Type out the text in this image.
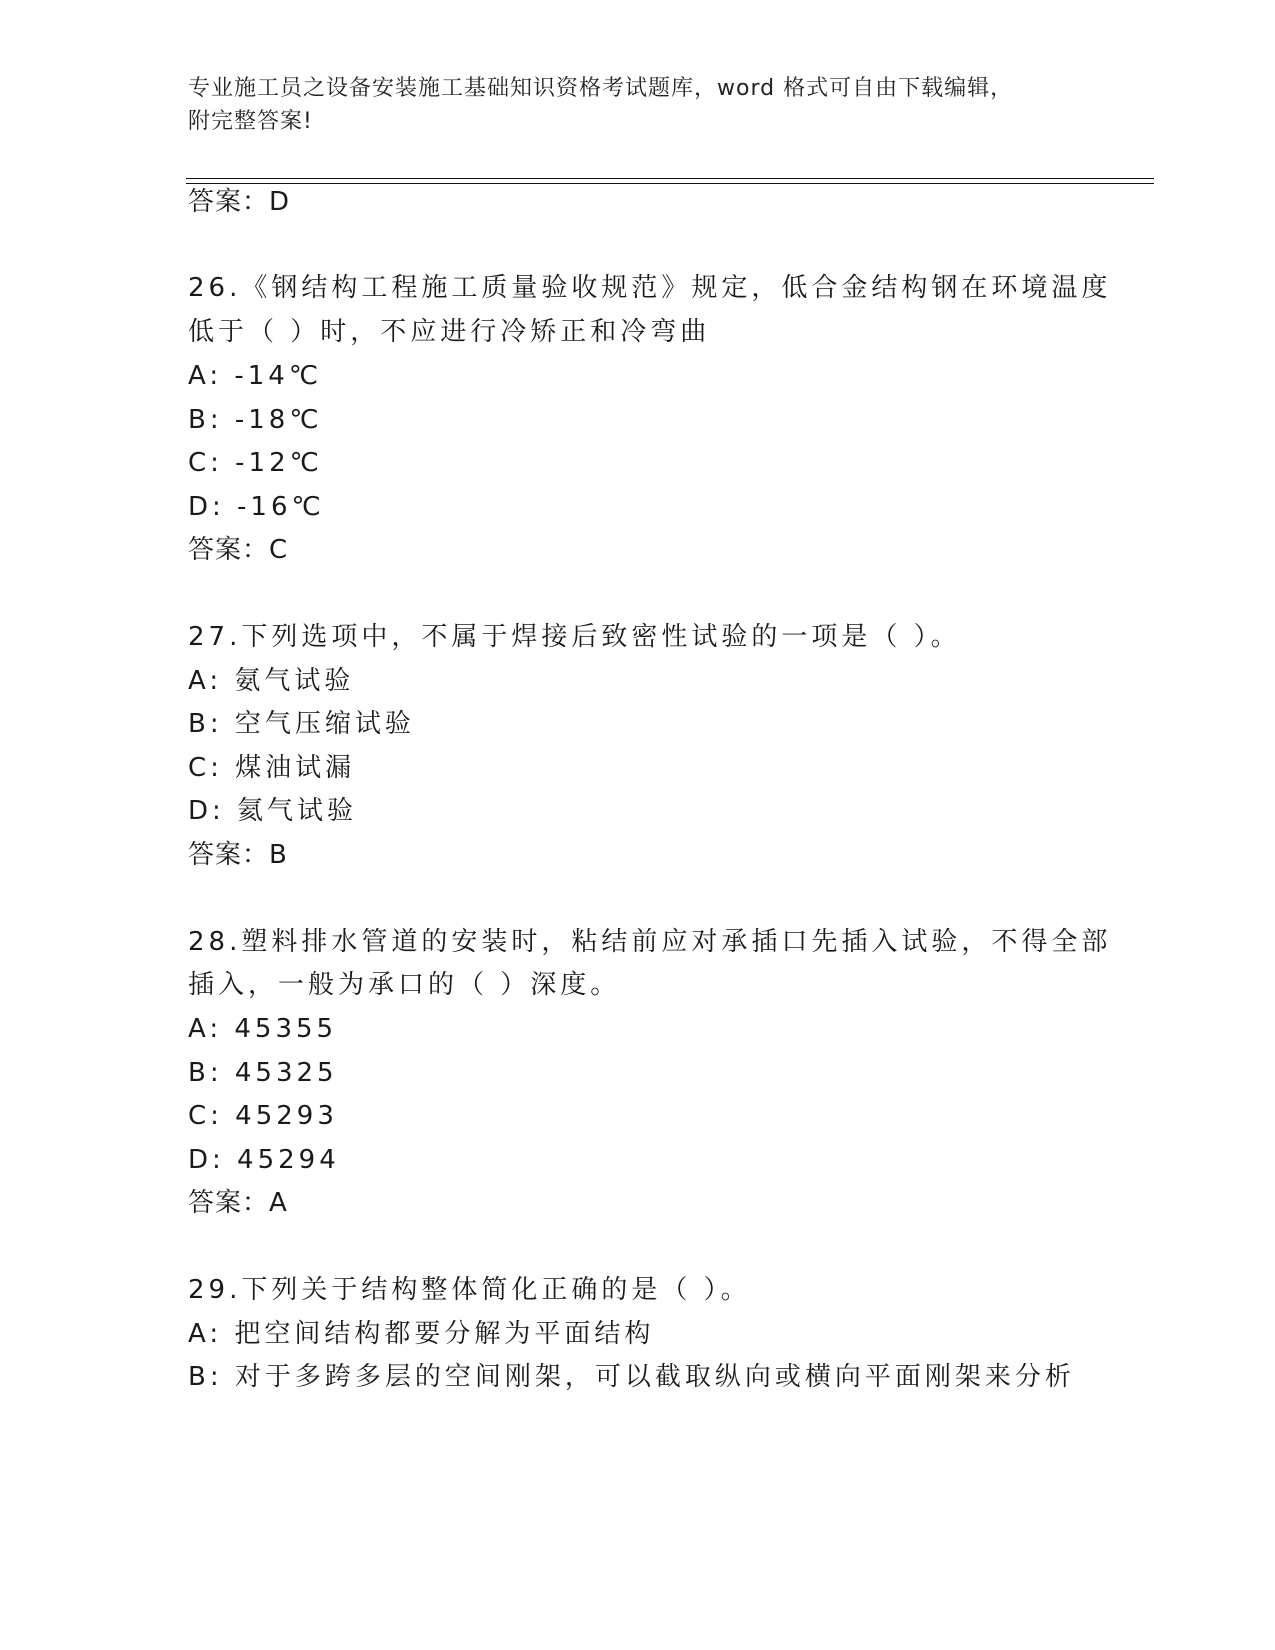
专业施工员之设备安装施工基础知识资格考试题库，word 格式可自由下载编辑，
附完整答案!
答案：D
26.《钢结构工程施工质量验收规范》规定，低合金结构钢在环境温度
低于（ ）时，不应进行冷矫正和冷弯曲
A: -14℃
B: -18℃
C: -12℃
D: -16℃
答案：C
27.下列选项中，不属于焊接后致密性试验的一项是（ ）。
A: 氨气试验
B: 空气压缩试验
C: 煤油试漏
D: 氦气试验
答案：B
28.塑料排水管道的安装时，粘结前应对承插口先插入试验，不得全部
插入，一般为承口的（ ）深度。
A: 45355
B: 45325
C: 45293
D: 45294
答案：A
29.下列关于结构整体简化正确的是（ ）。
A: 把空间结构都要分解为平面结构
B: 对于多跨多层的空间刚架，可以截取纵向或横向平面刚架来分析
